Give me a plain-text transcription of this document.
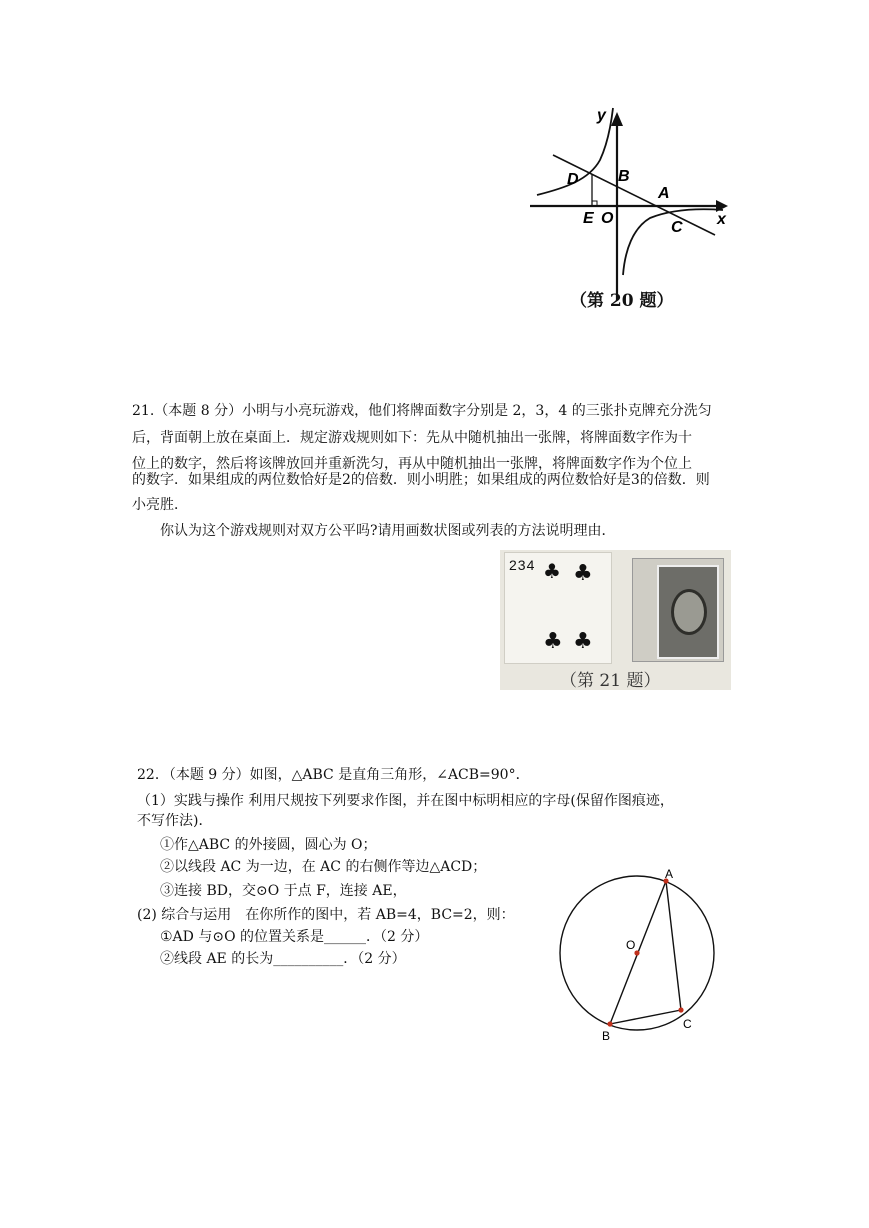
y
x
D B
A
E O
C
（第 20 题）
21.（本题 8 分）小明与小亮玩游戏，他们将牌面数字分别是 2，3，4 的三张扑克牌充分洗匀
后，背面朝上放在桌面上．规定游戏规则如下：先从中随机抽出一张牌，将牌面数字作为十
位上的数字，然后将该牌放回并重新洗匀，再从中随机抽出一张牌，将牌面数字作为个位上
的数字．如果组成的两位数恰好是2的倍数．则小明胜；如果组成的两位数恰好是3的倍数．则
小亮胜．
你认为这个游戏规则对双方公平吗?请用画数状图或列表的方法说明理由．
234 ♣ ♣
♣ ♣
（第 21 题）
22．（本题 9 分）如图，△ABC 是直角三角形，∠ACB=90°．
（1）实践与操作 利用尺规按下列要求作图，并在图中标明相应的字母(保留作图痕迹，
不写作法)．
①作△ABC 的外接圆，圆心为 O；
②以线段 AC 为一边，在 AC 的右侧作等边△ACD；
③连接 BD，交⊙O 于点 F，连接 AE，
(2) 综合与运用　在你所作的图中，若 AB=4，BC=2，则：
①AD 与⊙O 的位置关系是______．（2 分）
②线段 AE 的长为__________．（2 分）
A
O
B
C
